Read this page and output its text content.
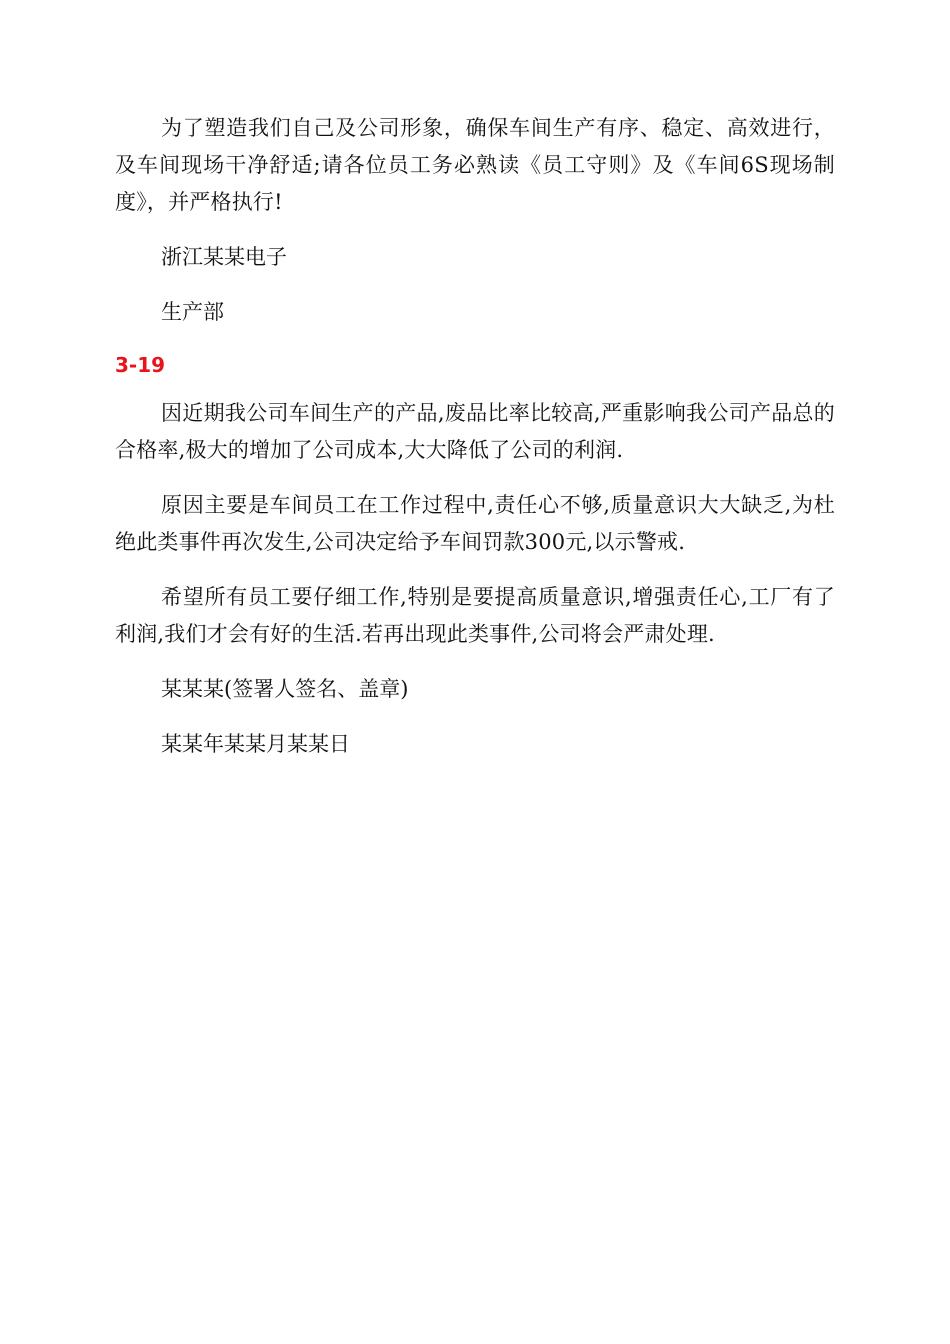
为了塑造我们自己及公司形象，确保车间生产有序、稳定、高效进行，及车间现场干净舒适;请各位员工务必熟读《员工守则》及《车间6S现场制度》，并严格执行!

浙江某某电子

生产部

3-19

因近期我公司车间生产的产品,废品比率比较高,严重影响我公司产品总的合格率,极大的增加了公司成本,大大降低了公司的利润.

原因主要是车间员工在工作过程中,责任心不够,质量意识大大缺乏,为杜绝此类事件再次发生,公司决定给予车间罚款300元,以示警戒.

希望所有员工要仔细工作,特别是要提高质量意识,增强责任心,工厂有了利润,我们才会有好的生活.若再出现此类事件,公司将会严肃处理.

某某某(签署人签名、盖章)

某某年某某月某某日
